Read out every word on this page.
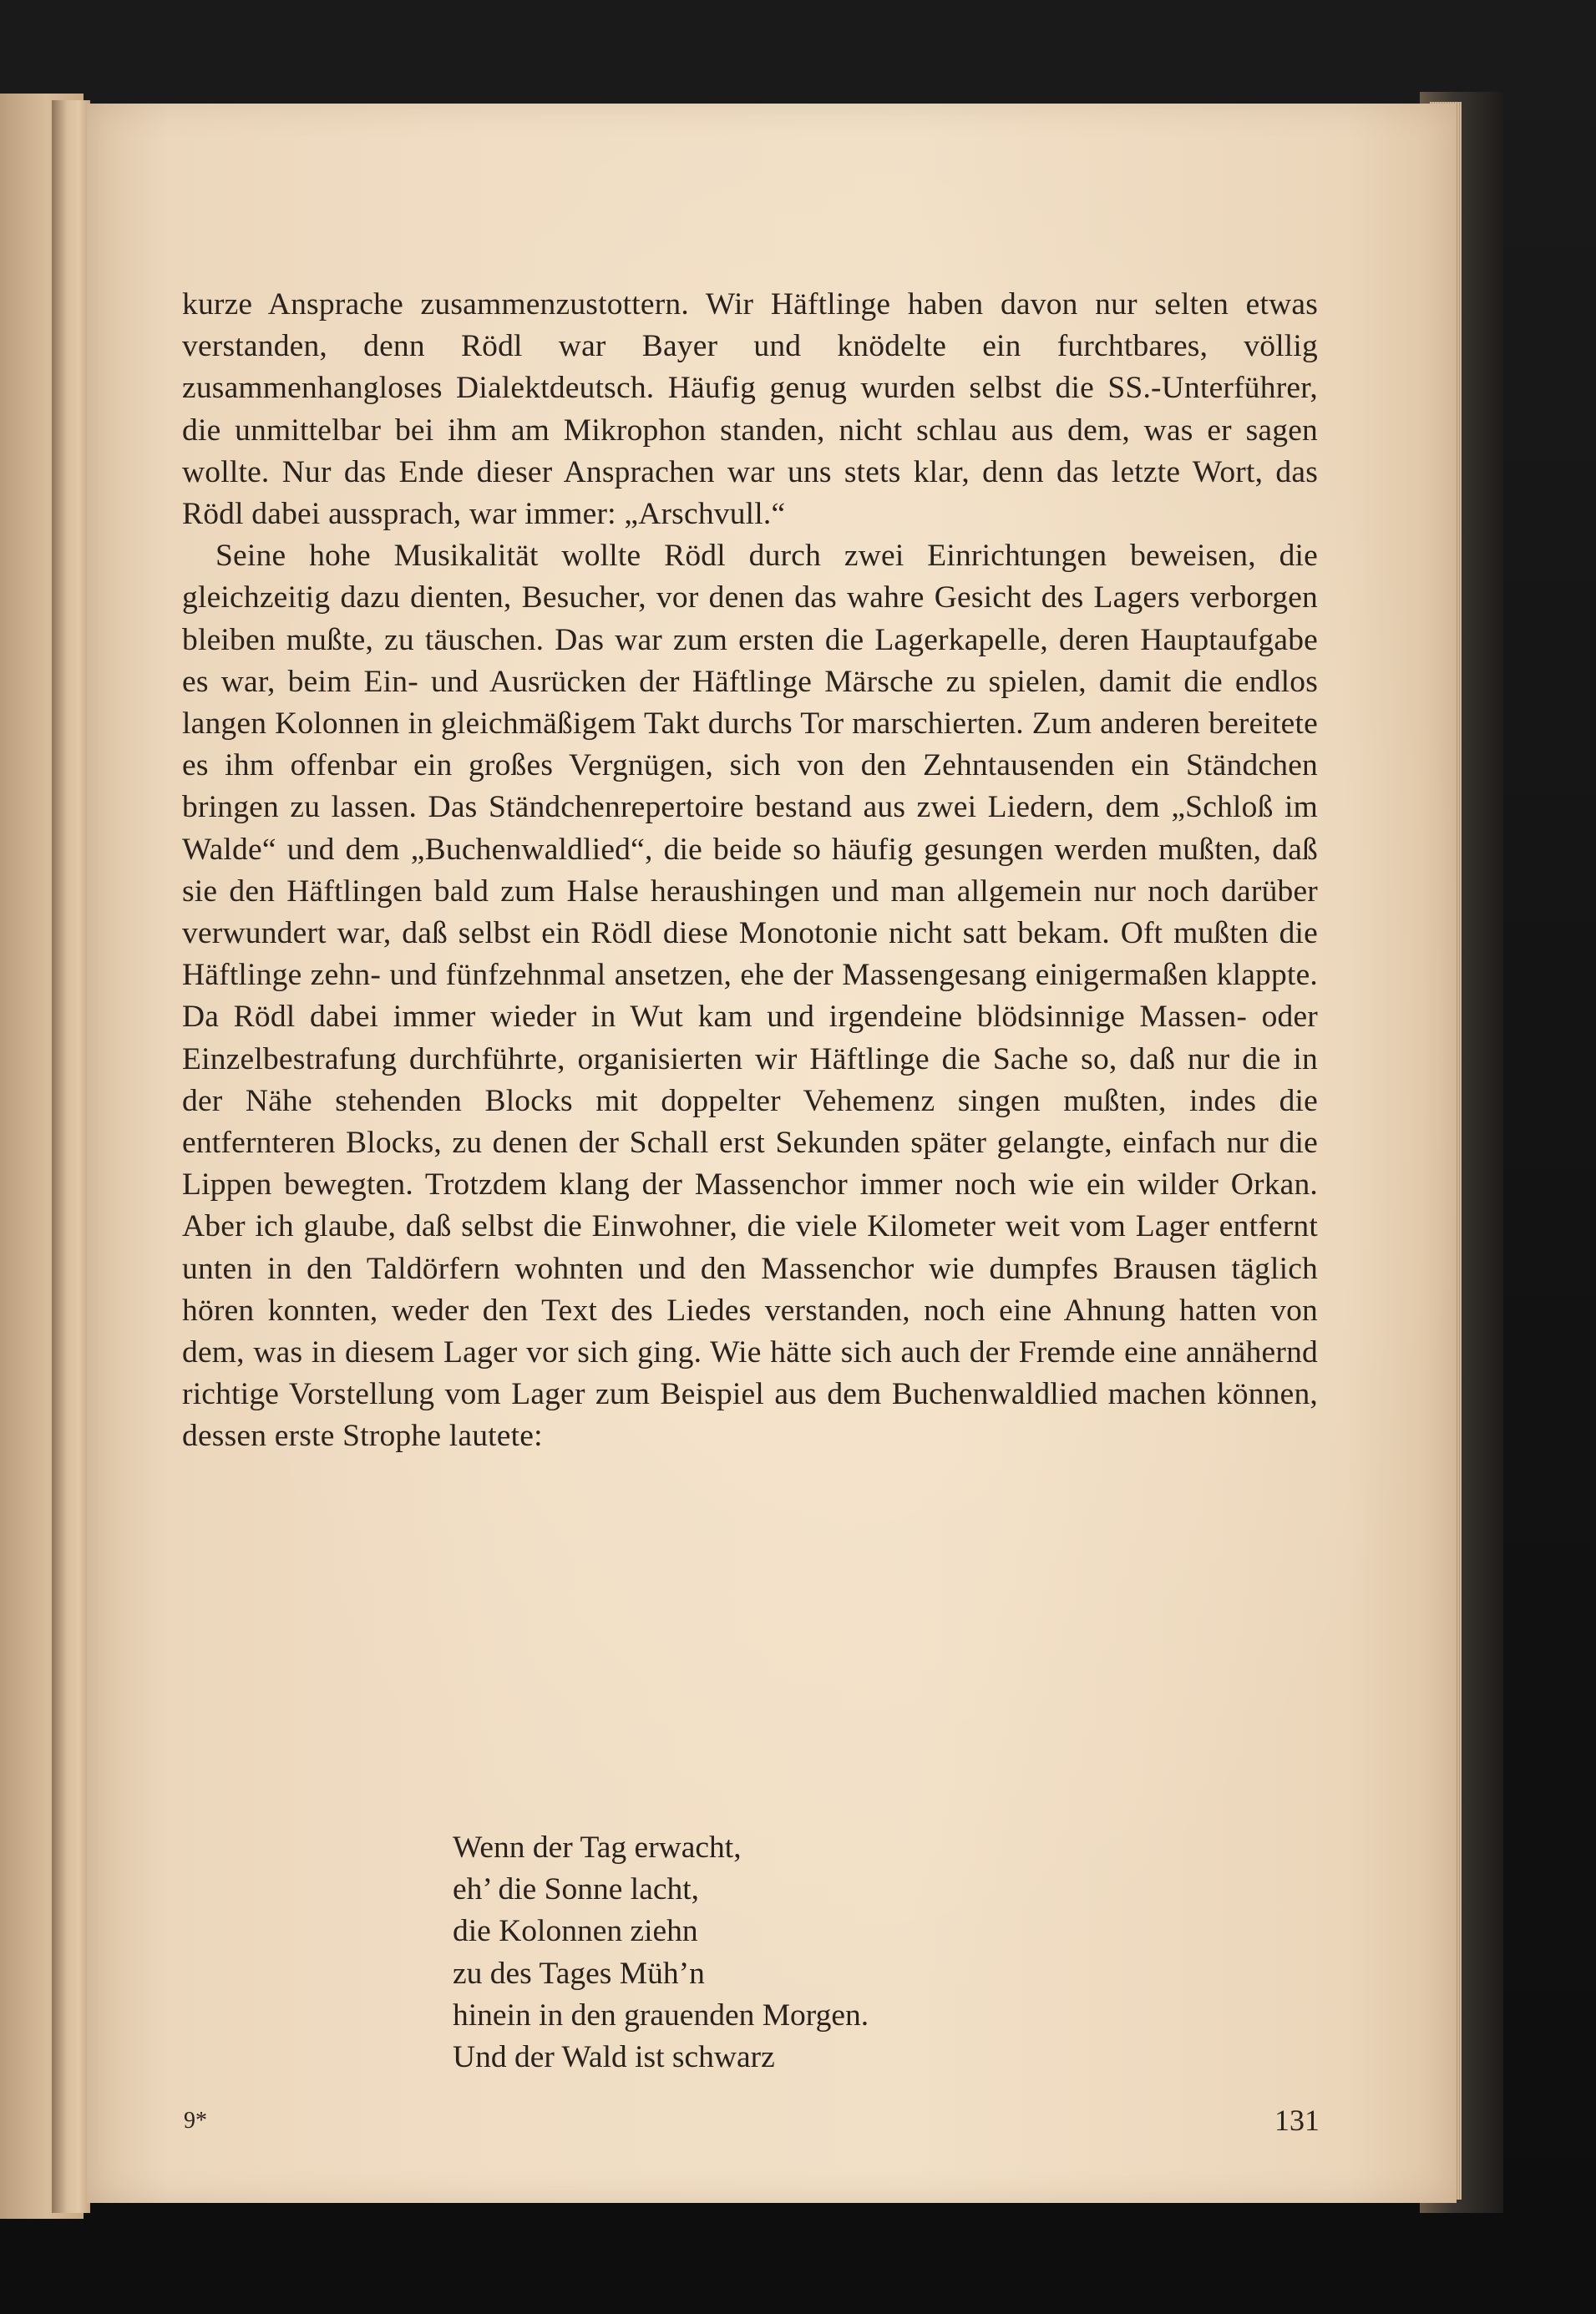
kurze Ansprache zusammenzustottern. Wir Häftlinge haben davon nur selten etwas verstanden, denn Rödl war Bayer und knödelte ein furchtbares, völlig zusammenhangloses Dialektdeutsch. Häufig genug wurden selbst die SS.-Unterführer, die unmittelbar bei ihm am Mikrophon standen, nicht schlau aus dem, was er sagen wollte. Nur das Ende dieser Ansprachen war uns stets klar, denn das letzte Wort, das Rödl dabei aussprach, war immer: „Arschvull.“

Seine hohe Musikalität wollte Rödl durch zwei Einrichtungen beweisen, die gleichzeitig dazu dienten, Besucher, vor denen das wahre Gesicht des Lagers verborgen bleiben mußte, zu täuschen. Das war zum ersten die Lagerkapelle, deren Hauptaufgabe es war, beim Ein- und Ausrücken der Häftlinge Märsche zu spielen, damit die endlos langen Kolonnen in gleichmäßigem Takt durchs Tor marschierten. Zum anderen bereitete es ihm offenbar ein großes Vergnügen, sich von den Zehntausenden ein Ständchen bringen zu lassen. Das Ständchenrepertoire bestand aus zwei Liedern, dem „Schloß im Walde“ und dem „Buchenwaldlied“, die beide so häufig gesungen werden mußten, daß sie den Häftlingen bald zum Halse heraushingen und man allgemein nur noch darüber verwundert war, daß selbst ein Rödl diese Monotonie nicht satt bekam. Oft mußten die Häftlinge zehn- und fünfzehnmal ansetzen, ehe der Massengesang einigermaßen klappte. Da Rödl dabei immer wieder in Wut kam und irgendeine blödsinnige Massen- oder Einzelbestrafung durchführte, organisierten wir Häftlinge die Sache so, daß nur die in der Nähe stehenden Blocks mit doppelter Vehemenz singen mußten, indes die entfernteren Blocks, zu denen der Schall erst Sekunden später gelangte, einfach nur die Lippen bewegten. Trotzdem klang der Massenchor immer noch wie ein wilder Orkan. Aber ich glaube, daß selbst die Einwohner, die viele Kilometer weit vom Lager entfernt unten in den Taldörfern wohnten und den Massenchor wie dumpfes Brausen täglich hören konnten, weder den Text des Liedes verstanden, noch eine Ahnung hatten von dem, was in diesem Lager vor sich ging. Wie hätte sich auch der Fremde eine annähernd richtige Vorstellung vom Lager zum Beispiel aus dem Buchenwaldlied machen können, dessen erste Strophe lautete:

Wenn der Tag erwacht,
eh’ die Sonne lacht,
die Kolonnen ziehn
zu des Tages Müh’n
hinein in den grauenden Morgen.
Und der Wald ist schwarz
9*	131
